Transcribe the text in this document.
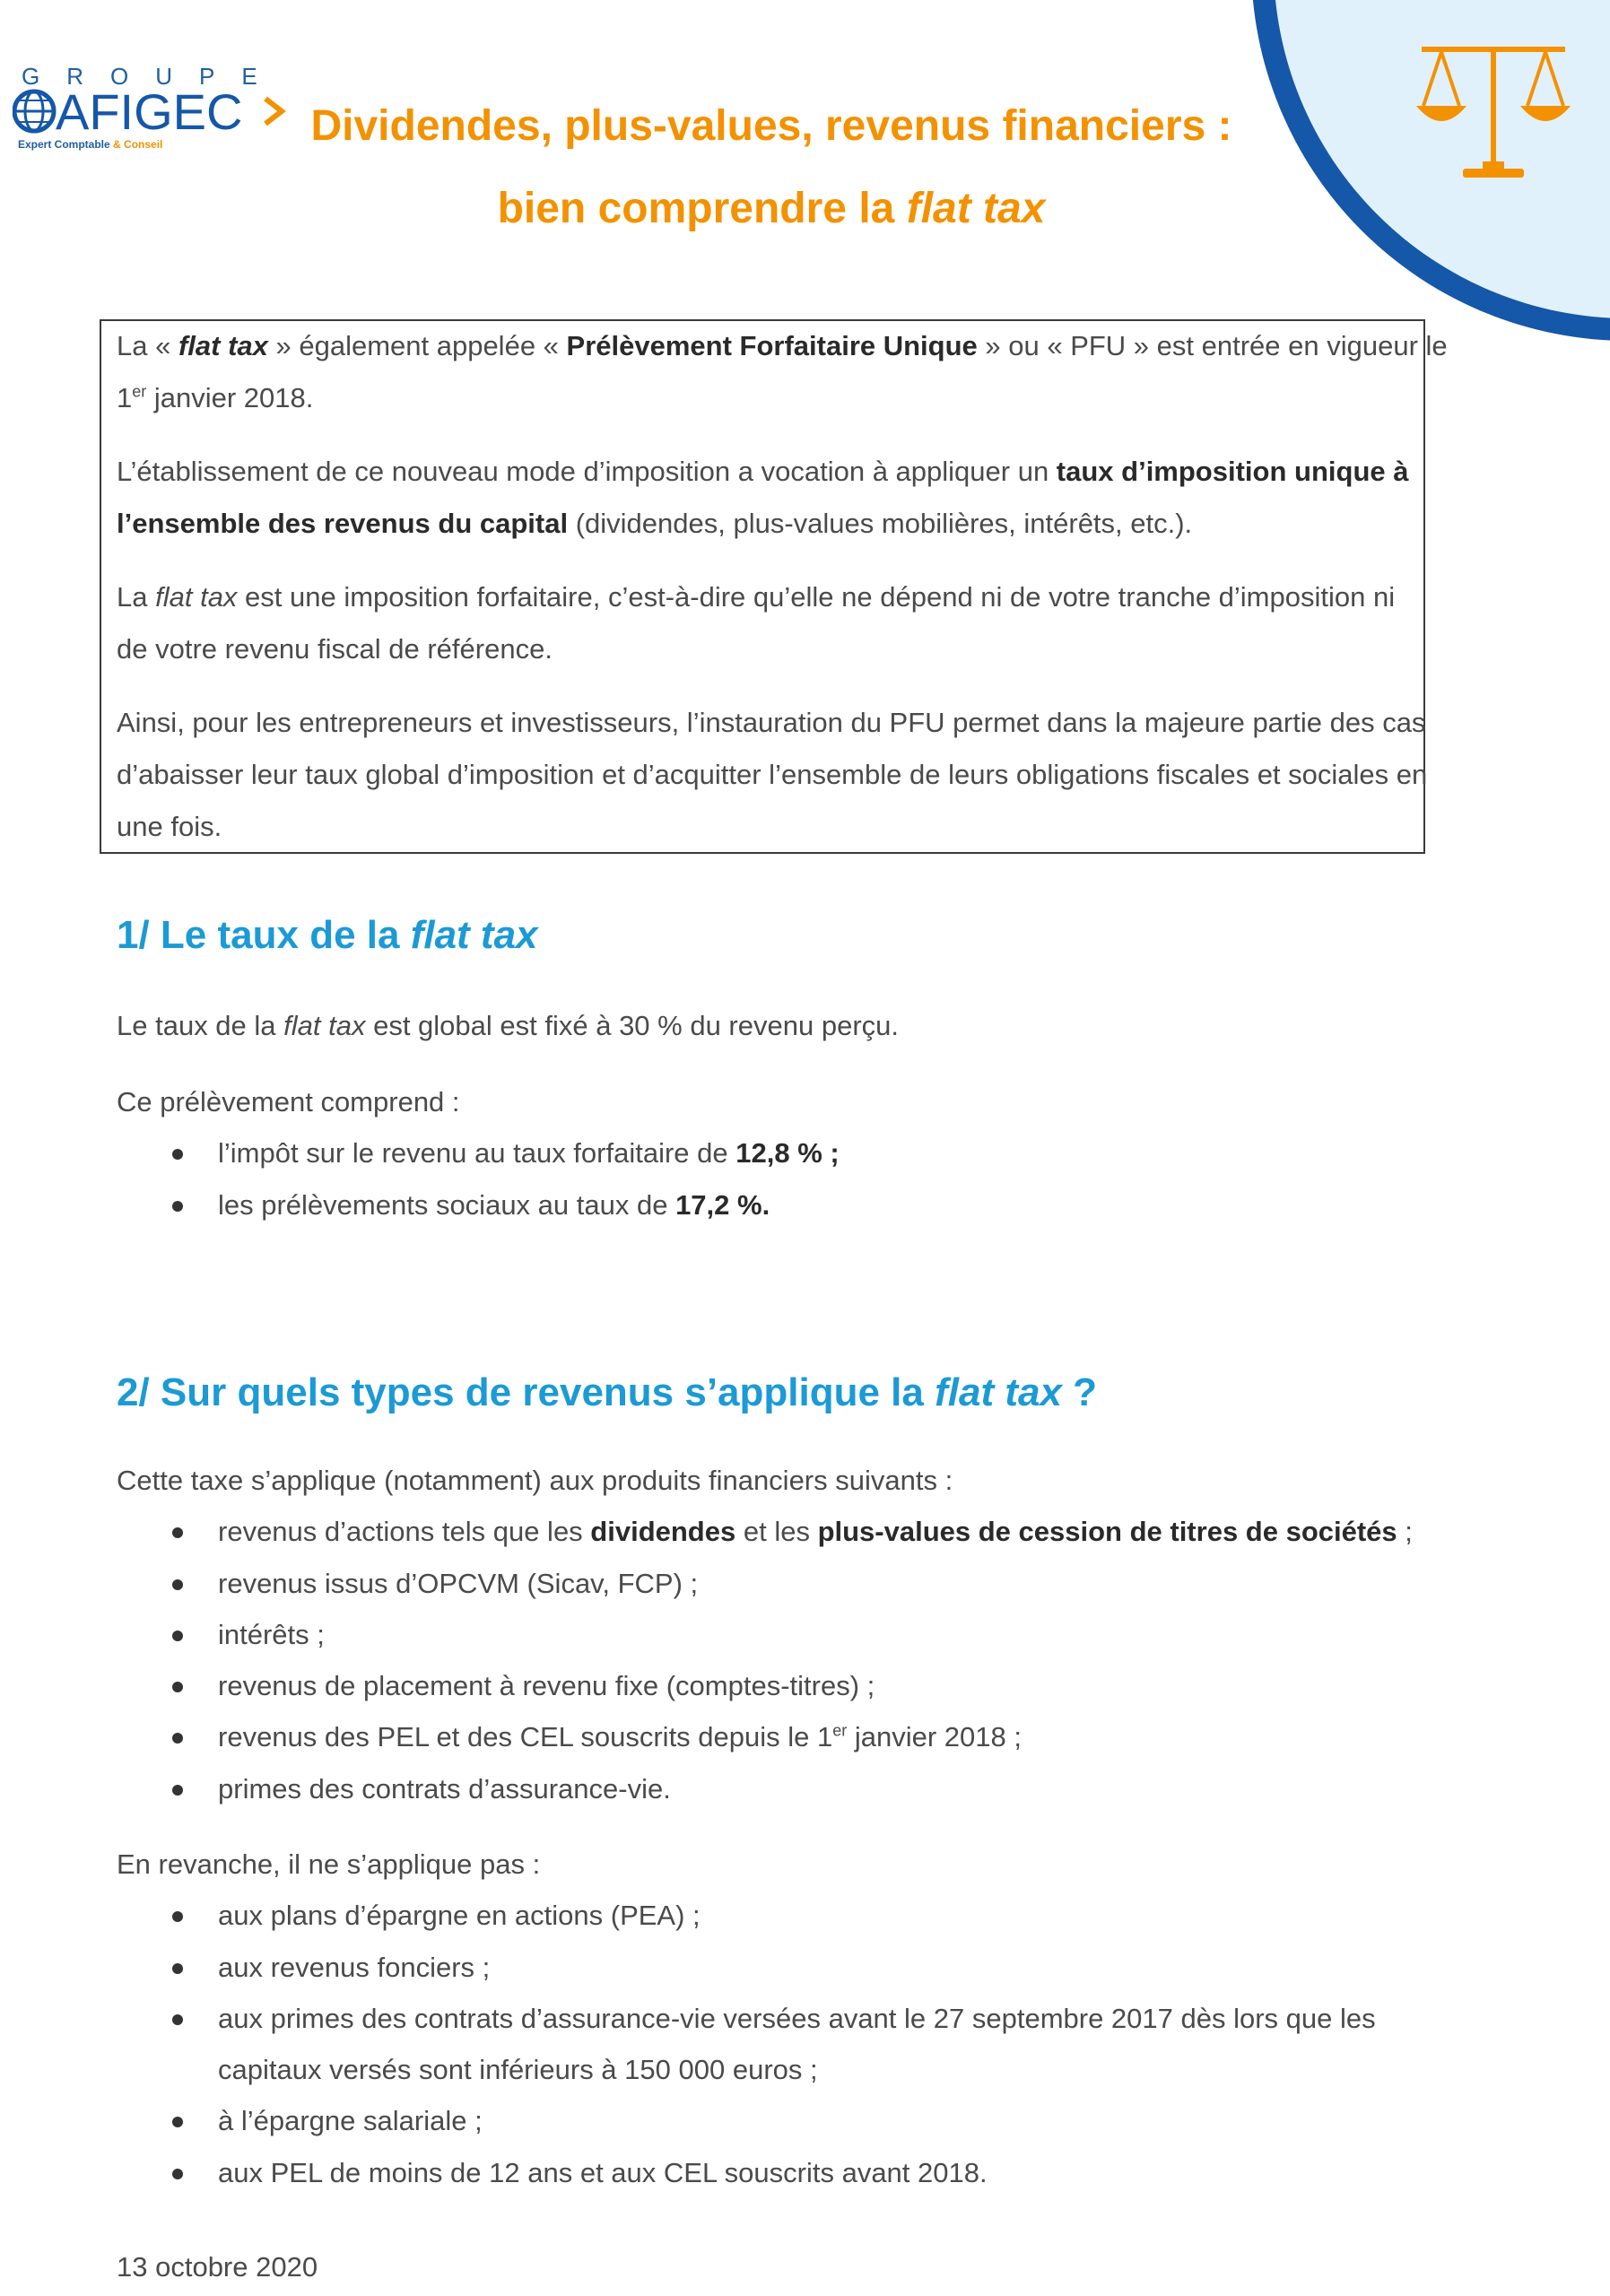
GROUPE
AFIGEC
Expert Comptable & Conseil	Dividendes, plus-values, revenus financiers :
bien comprendre la flat tax
La « flat tax » également appelée « Prélèvement Forfaitaire Unique » ou « PFU » est entrée en vigueur le
1er janvier 2018.
L’établissement de ce nouveau mode d’imposition a vocation à appliquer un taux d’imposition unique à
l’ensemble des revenus du capital (dividendes, plus-values mobilières, intérêts, etc.).
La flat tax est une imposition forfaitaire, c’est-à-dire qu’elle ne dépend ni de votre tranche d’imposition ni
de votre revenu fiscal de référence.
Ainsi, pour les entrepreneurs et investisseurs, l’instauration du PFU permet dans la majeure partie des cas
d’abaisser leur taux global d’imposition et d’acquitter l’ensemble de leurs obligations fiscales et sociales en
une fois.
1/ Le taux de la flat tax
Le taux de la flat tax est global est fixé à 30 % du revenu perçu.
Ce prélèvement comprend :
l’impôt sur le revenu au taux forfaitaire de 12,8 % ;
les prélèvements sociaux au taux de 17,2 %.
2/ Sur quels types de revenus s’applique la flat tax ?
Cette taxe s’applique (notamment) aux produits financiers suivants :
revenus d’actions tels que les dividendes et les plus-values de cession de titres de sociétés ;
revenus issus d’OPCVM (Sicav, FCP) ;
intérêts ;
revenus de placement à revenu fixe (comptes-titres) ;
revenus des PEL et des CEL souscrits depuis le 1er janvier 2018 ;
primes des contrats d’assurance-vie.
En revanche, il ne s’applique pas :
aux plans d’épargne en actions (PEA) ;
aux revenus fonciers ;
aux primes des contrats d’assurance-vie versées avant le 27 septembre 2017 dès lors que les
capitaux versés sont inférieurs à 150 000 euros ;
à l’épargne salariale ;
aux PEL de moins de 12 ans et aux CEL souscrits avant 2018.
13 octobre 2020
